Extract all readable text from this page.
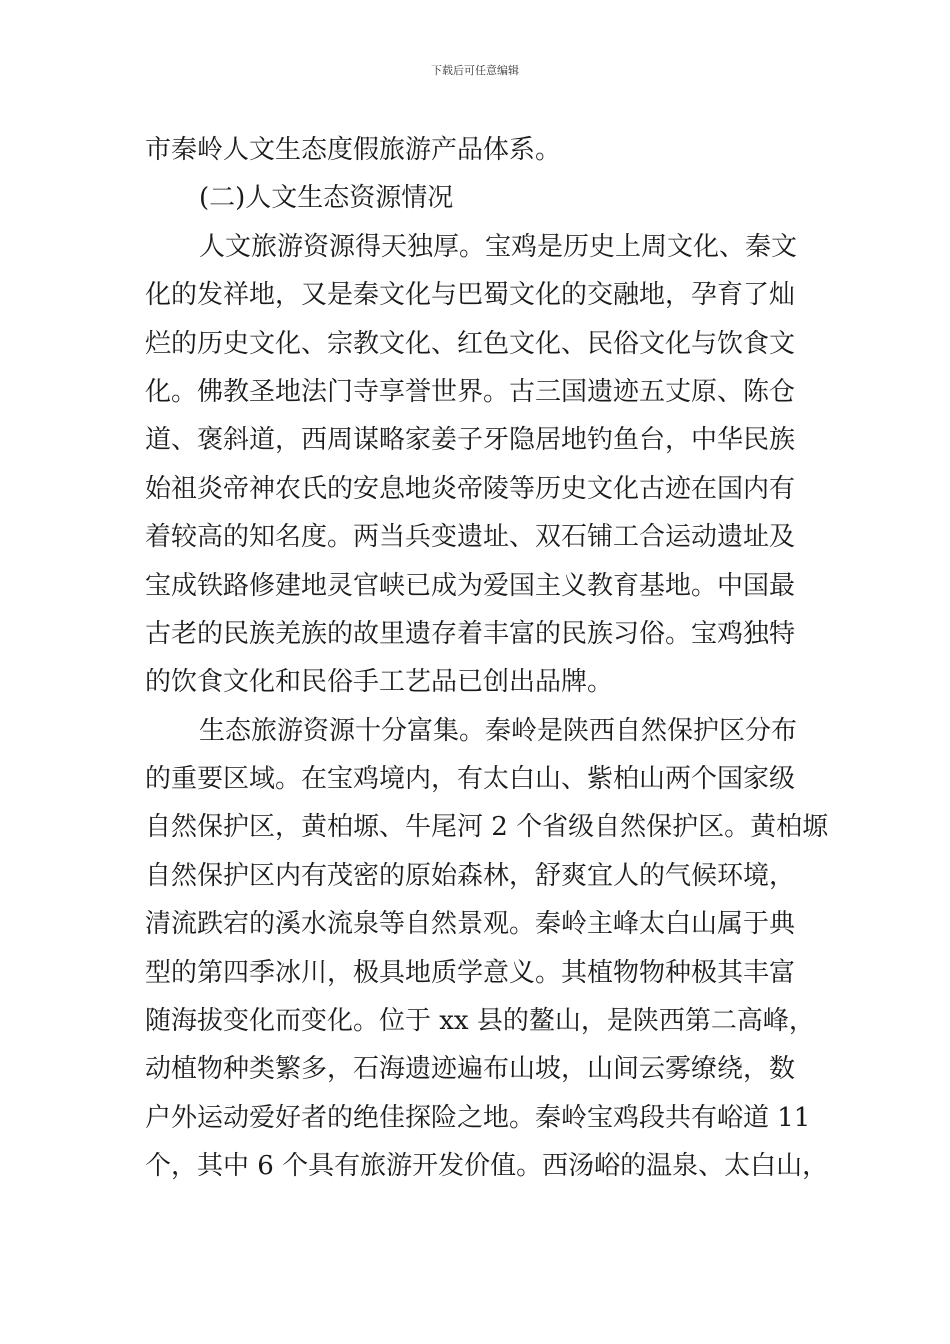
下载后可任意编辑
市秦岭人文生态度假旅游产品体系。
(二)人文生态资源情况
人文旅游资源得天独厚。宝鸡是历史上周文化、秦文
化的发祥地，又是秦文化与巴蜀文化的交融地，孕育了灿
烂的历史文化、宗教文化、红色文化、民俗文化与饮食文
化。佛教圣地法门寺享誉世界。古三国遗迹五丈原、陈仓
道、褒斜道，西周谋略家姜子牙隐居地钓鱼台，中华民族
始祖炎帝神农氏的安息地炎帝陵等历史文化古迹在国内有
着较高的知名度。两当兵变遗址、双石铺工合运动遗址及
宝成铁路修建地灵官峡已成为爱国主义教育基地。中国最
古老的民族羌族的故里遗存着丰富的民族习俗。宝鸡独特
的饮食文化和民俗手工艺品已创出品牌。
生态旅游资源十分富集。秦岭是陕西自然保护区分布
的重要区域。在宝鸡境内，有太白山、紫柏山两个国家级
自然保护区，黄柏塬、牛尾河 2 个省级自然保护区。黄柏塬
自然保护区内有茂密的原始森林，舒爽宜人的气候环境，
清流跌宕的溪水流泉等自然景观。秦岭主峰太白山属于典
型的第四季冰川，极具地质学意义。其植物物种极其丰富
随海拔变化而变化。位于 xx 县的鳌山，是陕西第二高峰，
动植物种类繁多，石海遗迹遍布山坡，山间云雾缭绕，数
户外运动爱好者的绝佳探险之地。秦岭宝鸡段共有峪道 11
个，其中 6 个具有旅游开发价值。西汤峪的温泉、太白山，
